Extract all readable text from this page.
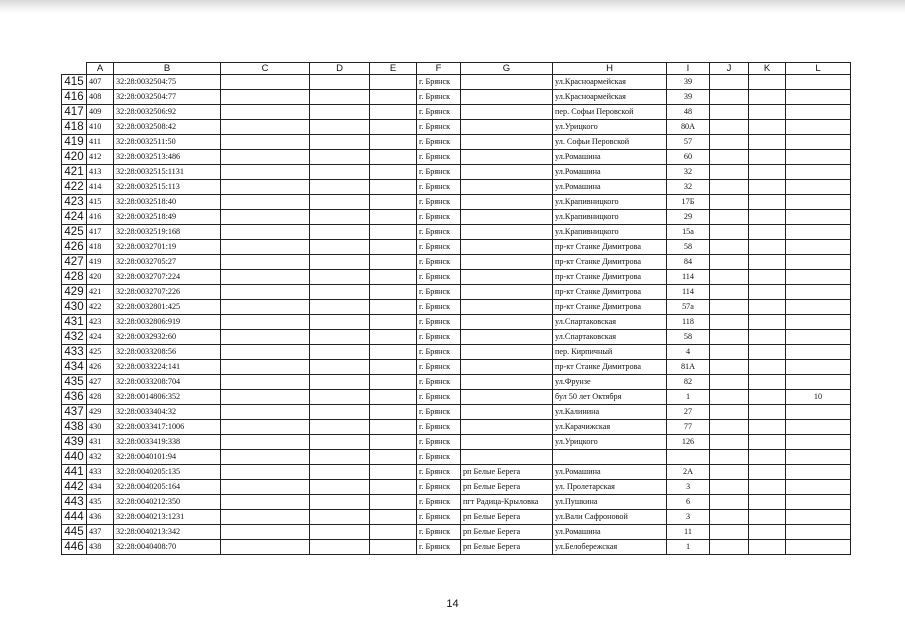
	A	B	C	D	E	F	G	H	I	J	K	L
415	407	32:28:0032504:75				г. Брянск		ул.Красноармейская	39			
416	408	32:28:0032504:77				г. Брянск		ул.Красноармейская	39			
417	409	32:28:0032506:92				г. Брянск		пер. Софьи Перовской	48			
418	410	32:28:0032508:42				г. Брянск		ул.Урицкого	80А			
419	411	32:28:0032511:50				г. Брянск		ул. Софьи Перовской	57			
420	412	32:28:0032513:486				г. Брянск		ул.Ромашина	60			
421	413	32:28:0032515:1131				г. Брянск		ул.Ромашина	32			
422	414	32:28:0032515:113				г. Брянск		ул.Ромашина	32			
423	415	32:28:0032518:40				г. Брянск		ул.Крапивницкого	17Б			
424	416	32:28:0032518:49				г. Брянск		ул.Крапивницкого	29			
425	417	32:28:0032519:168				г. Брянск		ул.Крапивницкого	15а			
426	418	32:28:0032701:19				г. Брянск		пр-кт Станке Димитрова	58			
427	419	32:28:0032705:27				г. Брянск		пр-кт Станке Димитрова	84			
428	420	32:28:0032707:224				г. Брянск		пр-кт Станке Димитрова	114			
429	421	32:28:0032707:226				г. Брянск		пр-кт Станке Димитрова	114			
430	422	32:28:0032801:425				г. Брянск		пр-кт Станке Димитрова	57а			
431	423	32:28:0032806:919				г. Брянск		ул.Спартаковская	118			
432	424	32:28:0032932:60				г. Брянск		ул.Спартаковская	58			
433	425	32:28:0033208:56				г. Брянск		пер. Кирпичный	4			
434	426	32:28:0033224:141				г. Брянск		пр-кт Станке Димитрова	81А			
435	427	32:28:0033208:704				г. Брянск		ул.Фрунзе	82			
436	428	32:28:0014806:352				г. Брянск		бул 50 лет Октября	1			10
437	429	32:28:0033404:32				г. Брянск		ул.Калинина	27			
438	430	32:28:0033417:1006				г. Брянск		ул.Карачижская	77			
439	431	32:28:0033419:338				г. Брянск		ул.Урицкого	126			
440	432	32:28:0040101:94				г. Брянск						
441	433	32:28:0040205:135				г. Брянск	рп Белые Берега	ул.Ромашина	2А			
442	434	32:28:0040205:164				г. Брянск	рп Белые Берега	ул. Пролетарская	3			
443	435	32:28:0040212:350				г. Брянск	пгт Радица-Крыловка	ул.Пушкина	6			
444	436	32:28:0040213:1231				г. Брянск	рп Белые Берега	ул.Вали Сафроновой	3			
445	437	32:28:0040213:342				г. Брянск	рп Белые Берега	ул.Ромашина	11			
446	438	32:28:0040408:70				г. Брянск	рп Белые Берега	ул.Белобережская	1			
14
